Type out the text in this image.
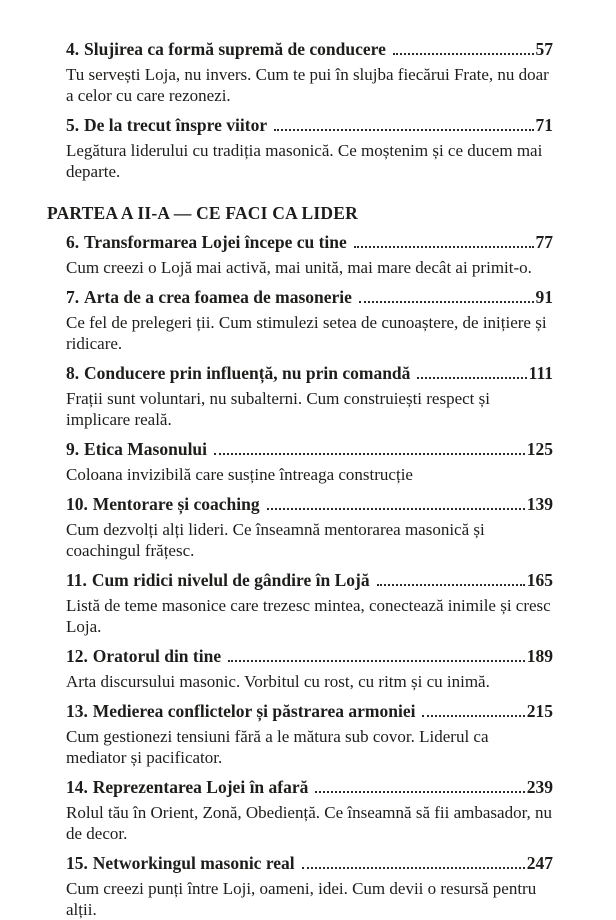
4. Slujirea ca formă supremă de conducere	57

Tu servești Loja, nu invers. Cum te pui în slujba fiecărui Frate, nu doar a celor cu care rezonezi.

5. De la trecut înspre viitor	71

Legătura liderului cu tradiția masonică. Ce moștenim și ce ducem mai departe.

PARTEA A II-A — CE FACI CA LIDER
6. Transformarea Lojei începe cu tine	77

Cum creezi o Lojă mai activă, mai unită, mai mare decât ai primit-o.

7. Arta de a crea foamea de masonerie	91

Ce fel de prelegeri ții. Cum stimulezi setea de cunoaștere, de inițiere și ridicare.

8. Conducere prin influență, nu prin comandă	111

Frații sunt voluntari, nu subalterni. Cum construiești respect și implicare reală.

9. Etica Masonului	125

Coloana invizibilă care susține întreaga construcție

10. Mentorare și coaching	139

Cum dezvolți alți lideri. Ce înseamnă mentorarea masonică și coachingul frățesc.

11. Cum ridici nivelul de gândire în Lojă	165

Listă de teme masonice care trezesc mintea, conectează inimile și cresc Loja.

12. Oratorul din tine	189

Arta discursului masonic. Vorbitul cu rost, cu ritm și cu inimă.

13. Medierea conflictelor și păstrarea armoniei	215

Cum gestionezi tensiuni fără a le mătura sub covor. Liderul ca mediator și pacificator.

14. Reprezentarea Lojei în afară	239

Rolul tău în Orient, Zonă, Obediență. Ce înseamnă să fii ambasador, nu de decor.

15. Networkingul masonic real	247

Cum creezi punți între Loji, oameni, idei. Cum devii o resursă pentru alții.
